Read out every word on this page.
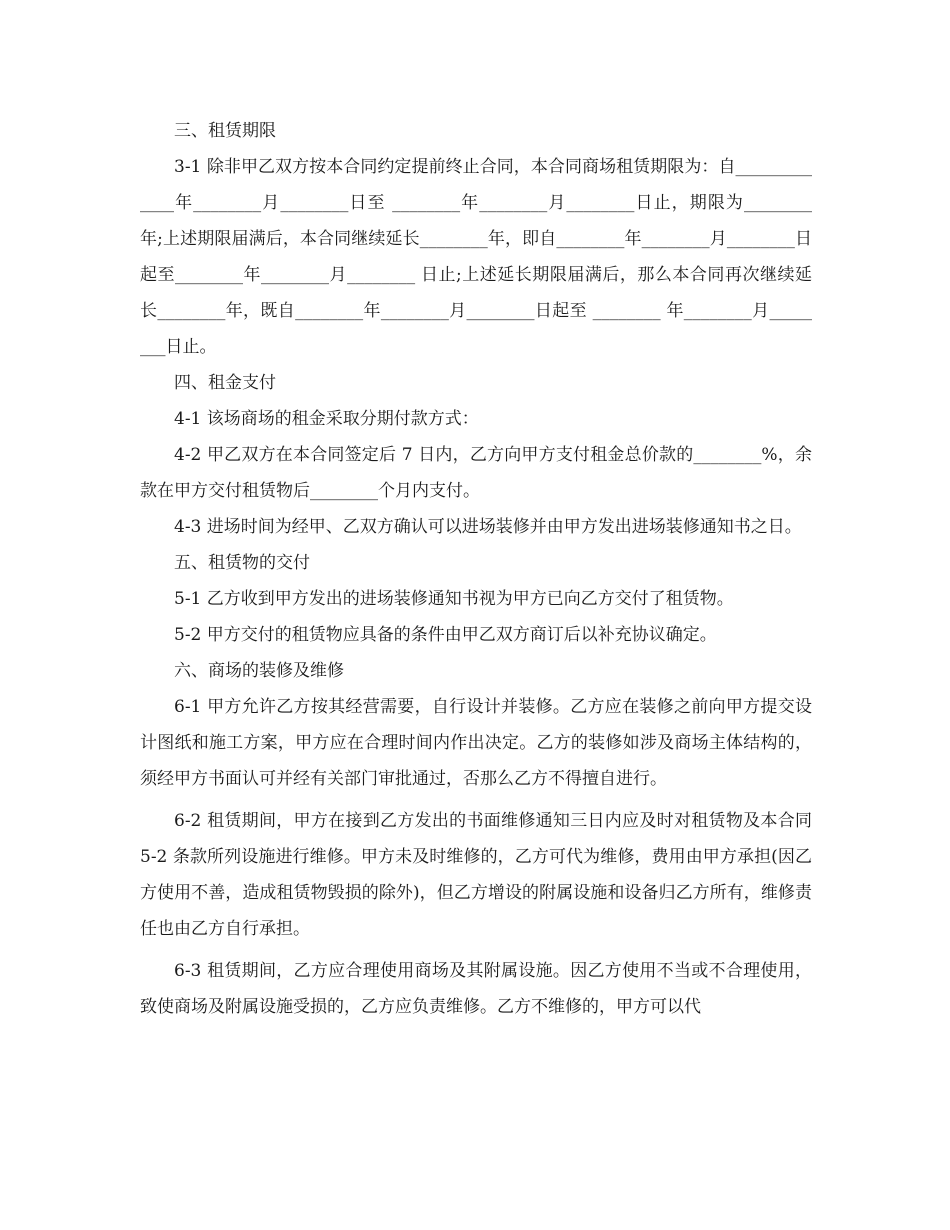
三、租赁期限

3-1 除非甲乙双方按本合同约定提前终止合同，本合同商场租赁期限为：自_____________年________月________日至 ________年________月________日止，期限为________年;上述期限届满后，本合同继续延长________年，即自________年________月________日起至________年________月________ 日止;上述延长期限届满后，那么本合同再次继续延长________年，既自________年________月________日起至 ________ 年________月________日止。

四、租金支付

4-1 该场商场的租金采取分期付款方式：

4-2 甲乙双方在本合同签定后 7 日内，乙方向甲方支付租金总价款的________%，余款在甲方交付租赁物后________个月内支付。

4-3 进场时间为经甲、乙双方确认可以进场装修并由甲方发出进场装修通知书之日。

五、租赁物的交付

5-1 乙方收到甲方发出的进场装修通知书视为甲方已向乙方交付了租赁物。

5-2 甲方交付的租赁物应具备的条件由甲乙双方商订后以补充协议确定。

六、商场的装修及维修

6-1 甲方允许乙方按其经营需要，自行设计并装修。乙方应在装修之前向甲方提交设计图纸和施工方案，甲方应在合理时间内作出决定。乙方的装修如涉及商场主体结构的，须经甲方书面认可并经有关部门审批通过，否那么乙方不得擅自进行。

6-2 租赁期间，甲方在接到乙方发出的书面维修通知三日内应及时对租赁物及本合同 5-2 条款所列设施进行维修。甲方未及时维修的，乙方可代为维修，费用由甲方承担(因乙方使用不善，造成租赁物毁损的除外)，但乙方增设的附属设施和设备归乙方所有，维修责任也由乙方自行承担。

6-3 租赁期间，乙方应合理使用商场及其附属设施。因乙方使用不当或不合理使用，致使商场及附属设施受损的，乙方应负责维修。乙方不维修的，甲方可以代
